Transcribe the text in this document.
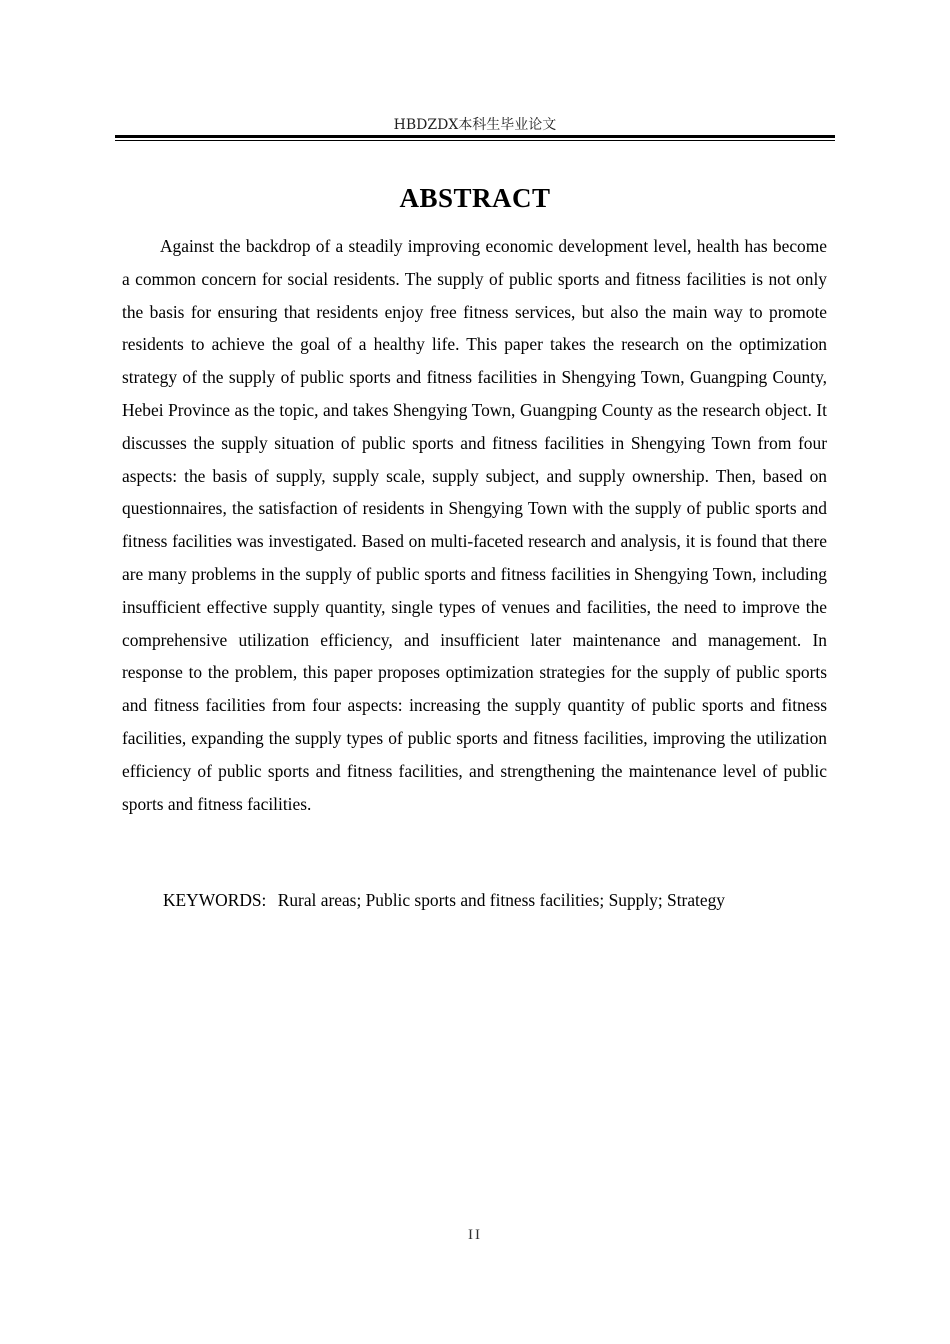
HBDZDX本科生毕业论文
ABSTRACT

Against the backdrop of a steadily improving economic development level, health has become a common concern for social residents. The supply of public sports and fitness facilities is not only the basis for ensuring that residents enjoy free fitness services, but also the main way to promote residents to achieve the goal of a healthy life. This paper takes the research on the optimization strategy of the supply of public sports and fitness facilities in Shengying Town, Guangping County, Hebei Province as the topic, and takes Shengying Town, Guangping County as the research object. It discusses the supply situation of public sports and fitness facilities in Shengying Town from four aspects: the basis of supply, supply scale, supply subject, and supply ownership. Then, based on questionnaires, the satisfaction of residents in Shengying Town with the supply of public sports and fitness facilities was investigated. Based on multi-faceted research and analysis, it is found that there are many problems in the supply of public sports and fitness facilities in Shengying Town, including insufficient effective supply quantity, single types of venues and facilities, the need to improve the comprehensive utilization efficiency, and insufficient later maintenance and management. In response to the problem, this paper proposes optimization strategies for the supply of public sports and fitness facilities from four aspects: increasing the supply quantity of public sports and fitness facilities, expanding the supply types of public sports and fitness facilities, improving the utilization efficiency of public sports and fitness facilities, and strengthening the maintenance level of public sports and fitness facilities.

KEYWORDS: Rural areas; Public sports and fitness facilities; Supply; Strategy
II
